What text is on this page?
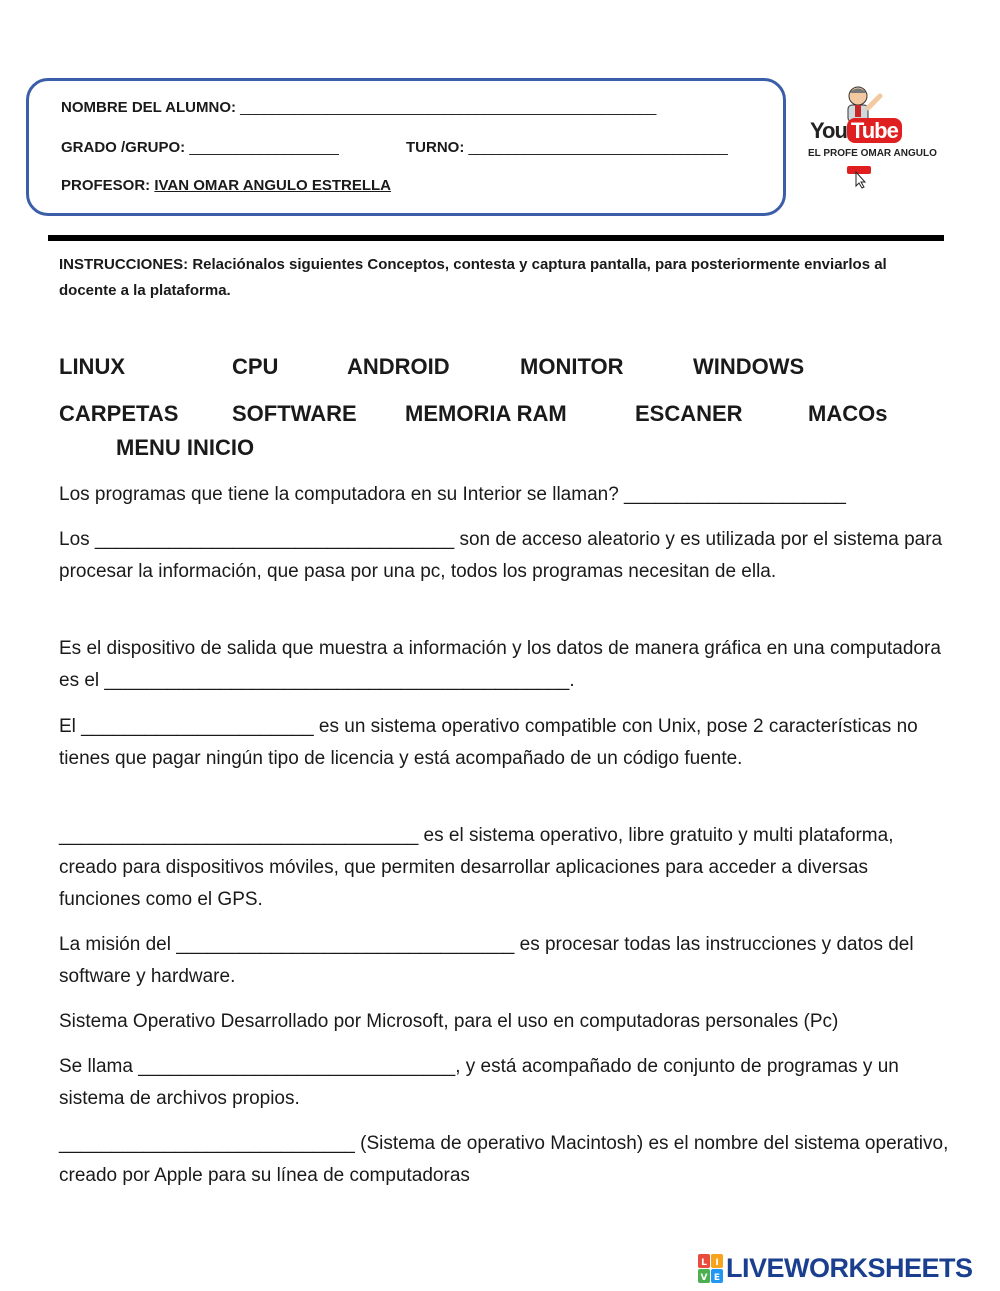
NOMBRE DEL ALUMNO: _____________________________________________________
GRADO /GRUPO: ___________________	TURNO: _________________________________
PROFESOR: IVAN OMAR ANGULO ESTRELLA
You Tube
EL PROFE OMAR ANGULO
INSTRUCCIONES: Relaciónalos siguientes Conceptos, contesta y captura pantalla, para posteriormente enviarlos al docente a la plataforma.
LINUX	CPU	ANDROID	MONITOR	WINDOWS
CARPETAS SOFTWARE MEMORIA RAM	ESCANER	MACOs
MENU INICIO
Los programas que tiene la computadora en su Interior se llaman? _____________________
Los __________________________________ son de acceso aleatorio y es utilizada por el sistema para procesar la información, que pasa por una pc, todos los programas necesitan de ella.
Es el dispositivo de salida que muestra a información y los datos de manera gráfica en una computadora es el ____________________________________________.
El ______________________ es un sistema operativo compatible con Unix, pose 2 características no tienes que pagar ningún tipo de licencia y está acompañado de un código fuente.
__________________________________ es el sistema operativo, libre gratuito y multi plataforma, creado para dispositivos móviles, que permiten desarrollar aplicaciones para acceder a diversas funciones como el GPS.
La misión del ________________________________ es procesar todas las instrucciones y datos del software y hardware.
Sistema Operativo Desarrollado por Microsoft, para el uso en computadoras personales (Pc)
Se llama ______________________________, y está acompañado de conjunto de programas y un sistema de archivos propios.
____________________________ (Sistema de operativo Macintosh) es el nombre del sistema operativo, creado por Apple para su línea de computadoras
L I
V E LIVEWORKSHEETS
